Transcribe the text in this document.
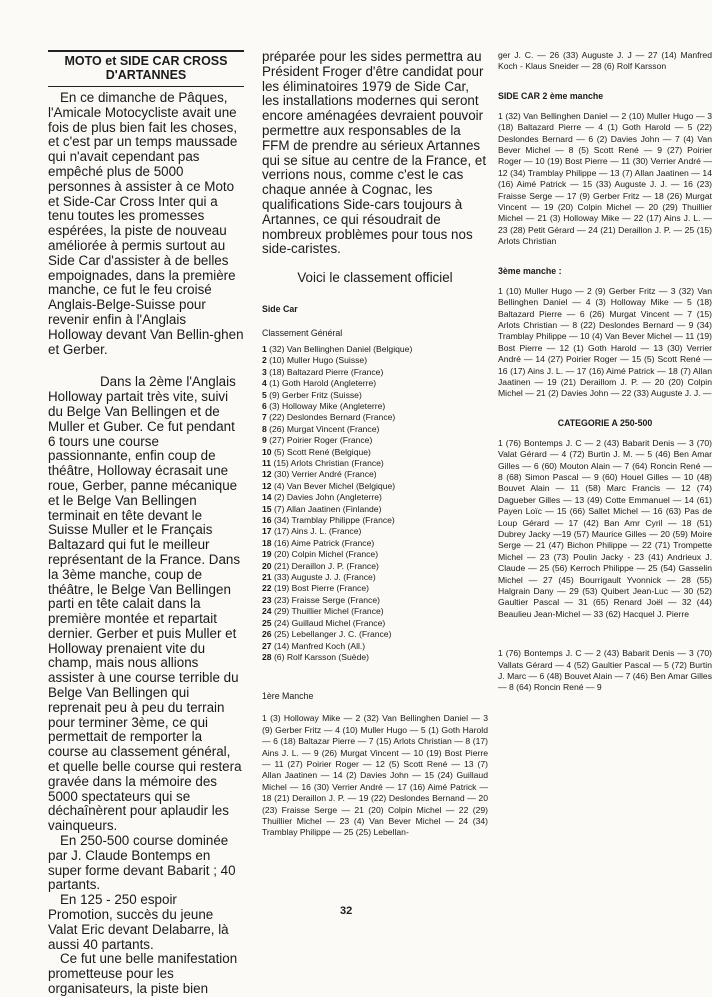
MOTO et SIDE CAR CROSS
D'ARTANNES

En ce dimanche de Pâques, l'Amicale Motocycliste avait une fois de plus bien fait les choses, et c'est par un temps maussade qui n'avait cependant pas empêché plus de 5000 personnes à assister à ce Moto et Side-Car Cross Inter qui a tenu toutes les promesses espérées, la piste de nouveau améliorée à permis surtout au Side Car d'assister à de belles empoignades, dans la première manche, ce fut le feu croisé Anglais-Belge-Suisse pour revenir enfin à l'Anglais Holloway devant Van Bellin-ghen et Gerber.

Dans la 2ème l'Anglais Holloway partait très vite, suivi du Belge Van Bellingen et de Muller et Guber. Ce fut pendant 6 tours une course passionnante, enfin coup de théâtre, Holloway écrasait une roue, Gerber, panne mécanique et le Belge Van Bellingen terminait en tête devant le Suisse Muller et le Français Baltazard qui fut le meilleur représentant de la France. Dans la 3ème manche, coup de théâtre, le Belge Van Bellingen parti en tête calait dans la première montée et repartait dernier. Gerber et puis Muller et Holloway prenaient vite du champ, mais nous allions assister à une course terrible du Belge Van Bellingen qui reprenait peu à peu du terrain pour terminer 3ème, ce qui permettait de remporter la course au classement général, et quelle belle course qui restera gravée dans la mémoire des 5000 spectateurs qui se déchaînèrent pour aplaudir les vainqueurs.

En 250-500 course dominée par J. Claude Bontemps en super forme devant Babarit ; 40 partants.

En 125 - 250 espoir Promotion, succès du jeune Valat Eric devant Delabarre, là aussi 40 partants.

Ce fut une belle manifestation prometteuse pour les organisateurs, la piste bien

préparée pour les sides permettra au Président Froger d'être candidat pour les éliminatoires 1979 de Side Car, les installations modernes qui seront encore aménagées devraient pouvoir permettre aux responsables de la FFM de prendre au sérieux Artannes qui se situe au centre de la France, et verrions nous, comme c'est le cas chaque année à Cognac, les qualifications Side-cars toujours à Artannes, ce qui résoudrait de nombreux problèmes pour tous nos side-caristes.

Voici le classement officiel

Side Car
Classement Général
1 (32) Van Bellinghen Daniel (Belgique)
2 (10) Muller Hugo (Suisse)
3 (18) Baltazard Pierre (France)
4 (1) Goth Harold (Angleterre)
5 (9) Gerber Fritz (Suisse)
6 (3) Holloway Mike (Angleterre)
7 (22) Deslondes Bernard (France)
8 (26) Murgat Vincent (France)
9 (27) Poirier Roger (France)
10 (5) Scott René (Belgique)
11 (15) Arlots Christian (France)
12 (30) Verrier André (France)
12 (4) Van Bever Michel (Belgique)
14 (2) Davies John (Angleterre)
15 (7) Allan Jaatinen (Finlande)
16 (34) Tramblay Philippe (France)
17 (17) Ains J. L. (France)
18 (16) Aime Patrick (France)
19 (20) Colpin Michel (France)
20 (21) Deraillon J. P. (France)
21 (33) Auguste J. J. (France)
22 (19) Bost Pierre (France)
23 (23) Fraisse Serge (France)
24 (29) Thuillier Michel (France)
25 (24) Guillaud Michel (France)
26 (25) Lebellanger J. C. (France)
27 (14) Manfred Koch (All.)
28 (6) Rolf Karsson (Suède)
1ère Manche

1 (3) Holloway Mike — 2 (32) Van Bellinghen Daniel — 3 (9) Gerber Fritz — 4 (10) Muller Hugo — 5 (1) Goth Harold — 6 (18) Baltazar Pierre — 7 (15) Arlots Christian — 8 (17) Ains J. L. — 9 (26) Murgat Vincent — 10 (19) Bost Pierre — 11 (27) Poirier Roger — 12 (5) Scott René — 13 (7) Allan Jaatinen — 14 (2) Davies John — 15 (24) Guillaud Michel — 16 (30) Verrier André — 17 (16) Aimé Patrick — 18 (21) Deraillon J. P. — 19 (22) Deslondes Bernand — 20 (23) Fraisse Serge — 21 (20) Colpin Michel — 22 (29) Thuillier Michel — 23 (4) Van Bever Michel — 24 (34) Tramblay Philippe — 25 (25) Lebellan-

ger J. C. — 26 (33) Auguste J. J — 27 (14) Manfred Koch - Klaus Sneider — 28 (6) Rolf Karsson

SIDE CAR 2 ème manche

1 (32) Van Bellinghen Daniel — 2 (10) Muller Hugo — 3 (18) Baltazard Pierre — 4 (1) Goth Harold — 5 (22) Deslondes Bernard — 6 (2) Davies John — 7 (4) Van Bever Michel — 8 (5) Scott René — 9 (27) Poirier Roger — 10 (19) Bost Pierre — 11 (30) Verrier André — 12 (34) Tramblay Philippe — 13 (7) Allan Jaatinen — 14 (16) Aimé Patrick — 15 (33) Auguste J. J. — 16 (23) Fraisse Serge — 17 (9) Gerber Fritz — 18 (26) Murgat Vincent — 19 (20) Colpin Michel — 20 (29) Thuillier Michel — 21 (3) Holloway Mike — 22 (17) Ains J. L. — 23 (28) Petit Gérard — 24 (21) Deraillon J. P. — 25 (15) Arlots Christian

3ème manche :

1 (10) Muller Hugo — 2 (9) Gerber Fritz — 3 (32) Van Bellinghen Daniel — 4 (3) Holloway Mike — 5 (18) Baltazard Pierre — 6 (26) Murgat Vincent — 7 (15) Arlots Christian — 8 (22) Deslondes Bernard — 9 (34) Tramblay Philippe — 10 (4) Van Bever Michel — 11 (19) Bost Pierre — 12 (1) Goth Harold — 13 (30) Verrier André — 14 (27) Poirier Roger — 15 (5) Scott René — 16 (17) Ains J. L. — 17 (16) Aimé Patrick — 18 (7) Allan Jaatinen — 19 (21) Deraillom J. P. — 20 (20) Colpin Michel — 21 (2) Davies John — 22 (33) Auguste J. J. —

CATEGORIE A 250-500

1 (76) Bontemps J. C — 2 (43) Babarit Denis — 3 (70) Valat Gérard — 4 (72) Burtin J. M. — 5 (46) Ben Amar Gilles — 6 (60) Mouton Alain — 7 (64) Roncin René — 8 (68) Simon Pascal — 9 (60) Houel Gilles — 10 (48) Bouvet Alain — 11 (58) Marc Francis — 12 (74) Dagueber Gilles — 13 (49) Cotte Emmanuel — 14 (61) Payen Loïc — 15 (66) Sallet Michel — 16 (63) Pas de Loup Gérard — 17 (42) Ban Amr Cyril — 18 (51) Dubrey Jacky —19 (57) Maurice Gilles — 20 (59) Moire Serge — 21 (47) Bichon Philippe — 22 (71) Trompette Michel — 23 (73) Poulin Jacky - 23 (41) Andrieux J. Claude — 25 (56) Kerroch Philippe — 25 (54) Gasselin Michel — 27 (45) Bourrigault Yvonnick — 28 (55) Halgrain Dany — 29 (53) Quibert Jean-Luc — 30 (52) Gaultier Pascal — 31 (65) Renard Joël — 32 (44) Beaulieu Jean-Michel — 33 (62) Hacquel J. Pierre

1 (76) Bontemps J. C — 2 (43) Babarit Denis — 3 (70) Vallats Gérard — 4 (52) Gaultier Pascal — 5 (72) Burtin J. Marc — 6 (48) Bouvet Alain — 7 (46) Ben Amar Gilles — 8 (64) Roncin René — 9

32
